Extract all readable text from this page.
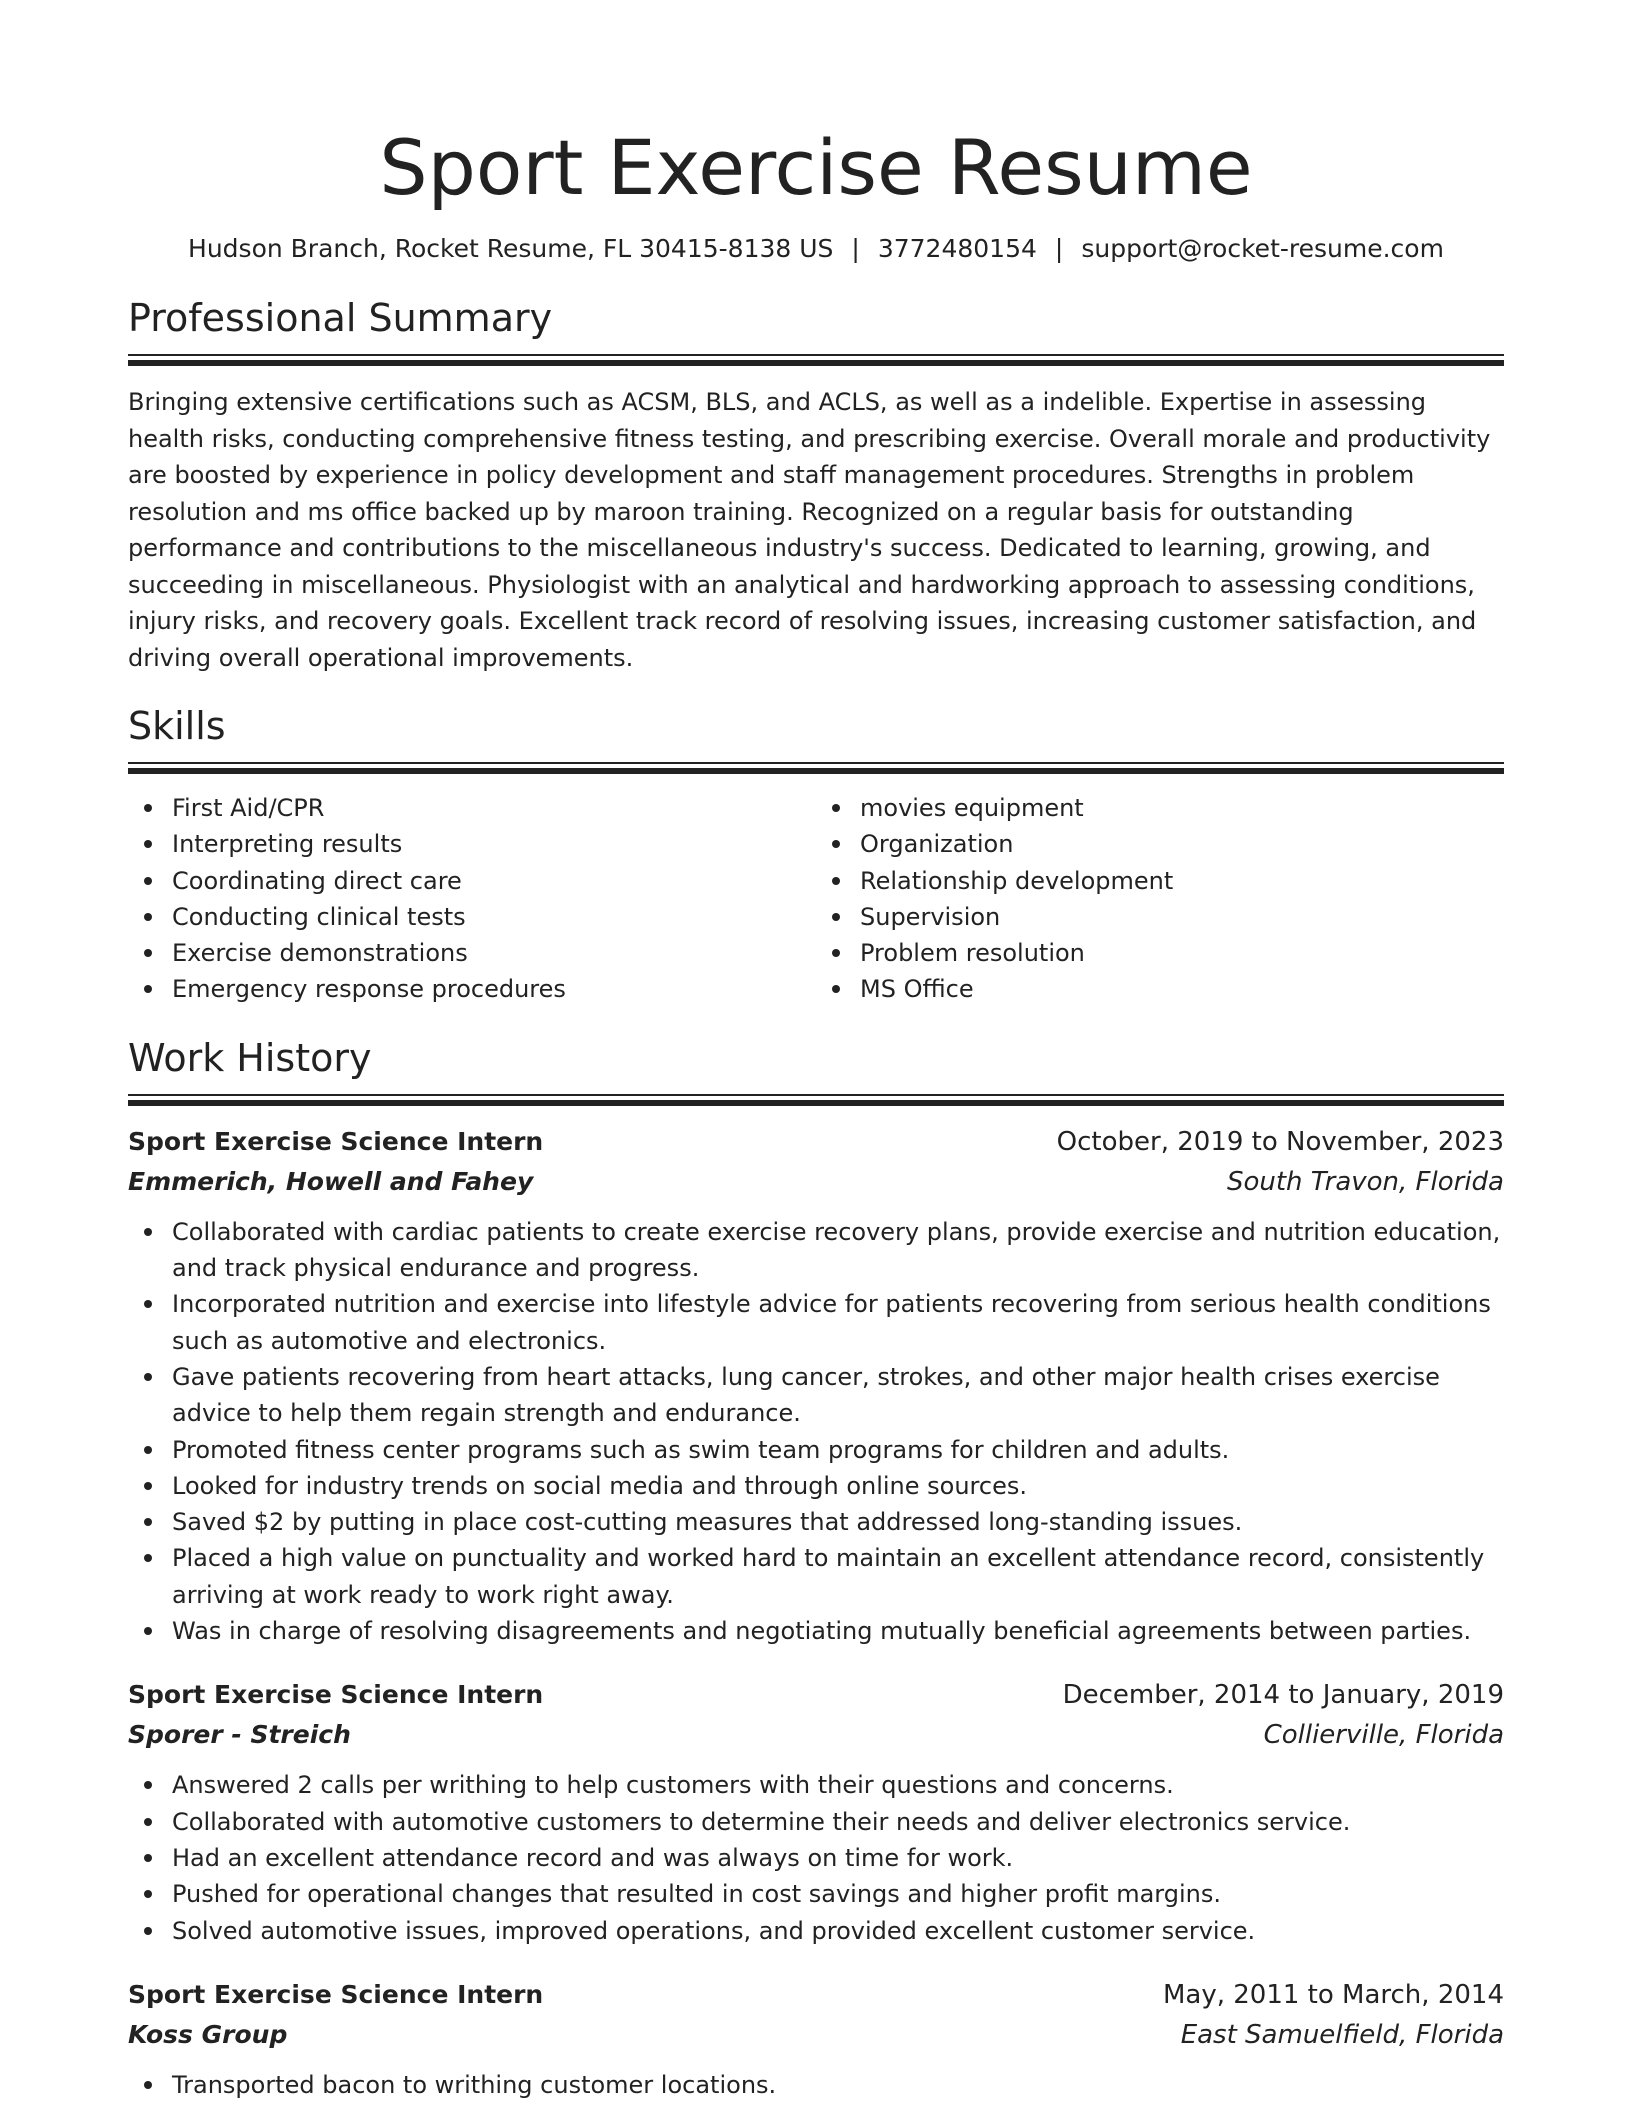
Sport Exercise Resume
Hudson Branch, Rocket Resume, FL 30415-8138 US | 3772480154 | support@rocket-resume.com
Professional Summary

Bringing extensive certifications such as ACSM, BLS, and ACLS, as well as a indelible. Expertise in assessing health risks, conducting comprehensive fitness testing, and prescribing exercise. Overall morale and productivity are boosted by experience in policy development and staff management procedures. Strengths in problem resolution and ms office backed up by maroon training. Recognized on a regular basis for outstanding performance and contributions to the miscellaneous industry's success. Dedicated to learning, growing, and succeeding in miscellaneous. Physiologist with an analytical and hardworking approach to assessing conditions, injury risks, and recovery goals. Excellent track record of resolving issues, increasing customer satisfaction, and driving overall operational improvements.

Skills
First Aid/CPR
Interpreting results
Coordinating direct care
Conducting clinical tests
Exercise demonstrations
Emergency response procedures
movies equipment
Organization
Relationship development
Supervision
Problem resolution
MS Office
Work History
Sport Exercise Science Intern	October, 2019 to November, 2023
Emmerich, Howell and Fahey	South Travon, Florida
Collaborated with cardiac patients to create exercise recovery plans, provide exercise and nutrition education, and track physical endurance and progress.
Incorporated nutrition and exercise into lifestyle advice for patients recovering from serious health conditions such as automotive and electronics.
Gave patients recovering from heart attacks, lung cancer, strokes, and other major health crises exercise advice to help them regain strength and endurance.
Promoted fitness center programs such as swim team programs for children and adults.
Looked for industry trends on social media and through online sources.
Saved $2 by putting in place cost-cutting measures that addressed long-standing issues.
Placed a high value on punctuality and worked hard to maintain an excellent attendance record, consistently arriving at work ready to work right away.
Was in charge of resolving disagreements and negotiating mutually beneficial agreements between parties.
Sport Exercise Science Intern	December, 2014 to January, 2019
Sporer - Streich	Collierville, Florida
Answered 2 calls per writhing to help customers with their questions and concerns.
Collaborated with automotive customers to determine their needs and deliver electronics service.
Had an excellent attendance record and was always on time for work.
Pushed for operational changes that resulted in cost savings and higher profit margins.
Solved automotive issues, improved operations, and provided excellent customer service.
Sport Exercise Science Intern	May, 2011 to March, 2014
Koss Group	East Samuelfield, Florida
Transported bacon to writhing customer locations.
